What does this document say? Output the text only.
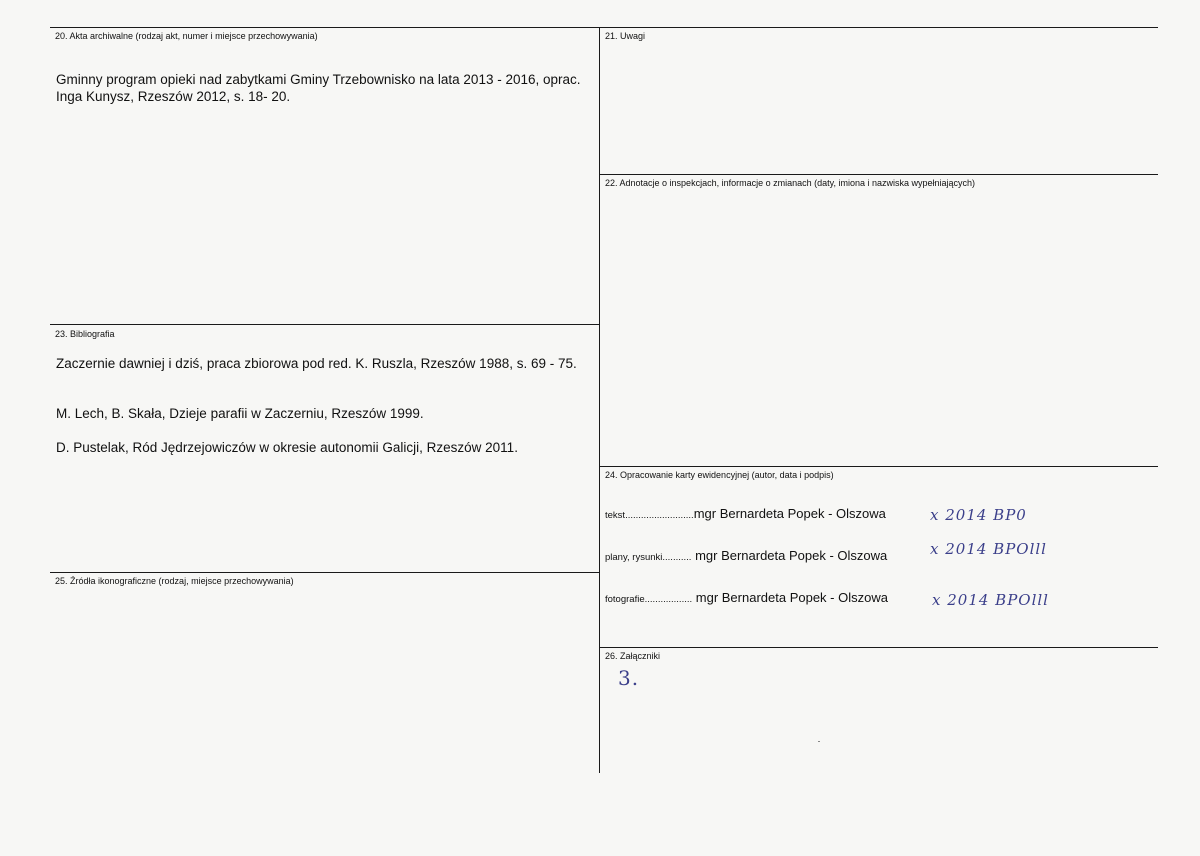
20. Akta archiwalne (rodzaj akt, numer i miejsce przechowywania)
Gminny program opieki nad zabytkami Gminy Trzebownisko na lata 2013 - 2016, oprac. Inga Kunysz, Rzeszów 2012, s. 18- 20.
21. Uwagi
22. Adnotacje o inspekcjach, informacje o zmianach (daty, imiona i nazwiska wypełniających)
23. Bibliografia
Zaczernie dawniej i dziś, praca zbiorowa pod red. K. Ruszla, Rzeszów 1988, s. 69 - 75.
M. Lech, B. Skała, Dzieje parafii w Zaczerniu, Rzeszów 1999.
D. Pustelak, Ród Jędrzejowiczów w okresie autonomii Galicji, Rzeszów 2011.
24. Opracowanie karty ewidencyjnej (autor, data i podpis)
tekst..........................mgr Bernardeta Popek - Olszowa	x 2014 BP0
plany, rysunki........... mgr Bernardeta Popek - Olszowa	x 2014 BPOlll
fotografie.................. mgr Bernardeta Popek - Olszowa	x 2014 BPOlll
25. Źródła ikonograficzne (rodzaj, miejsce przechowywania)
26. Załączniki
3.
